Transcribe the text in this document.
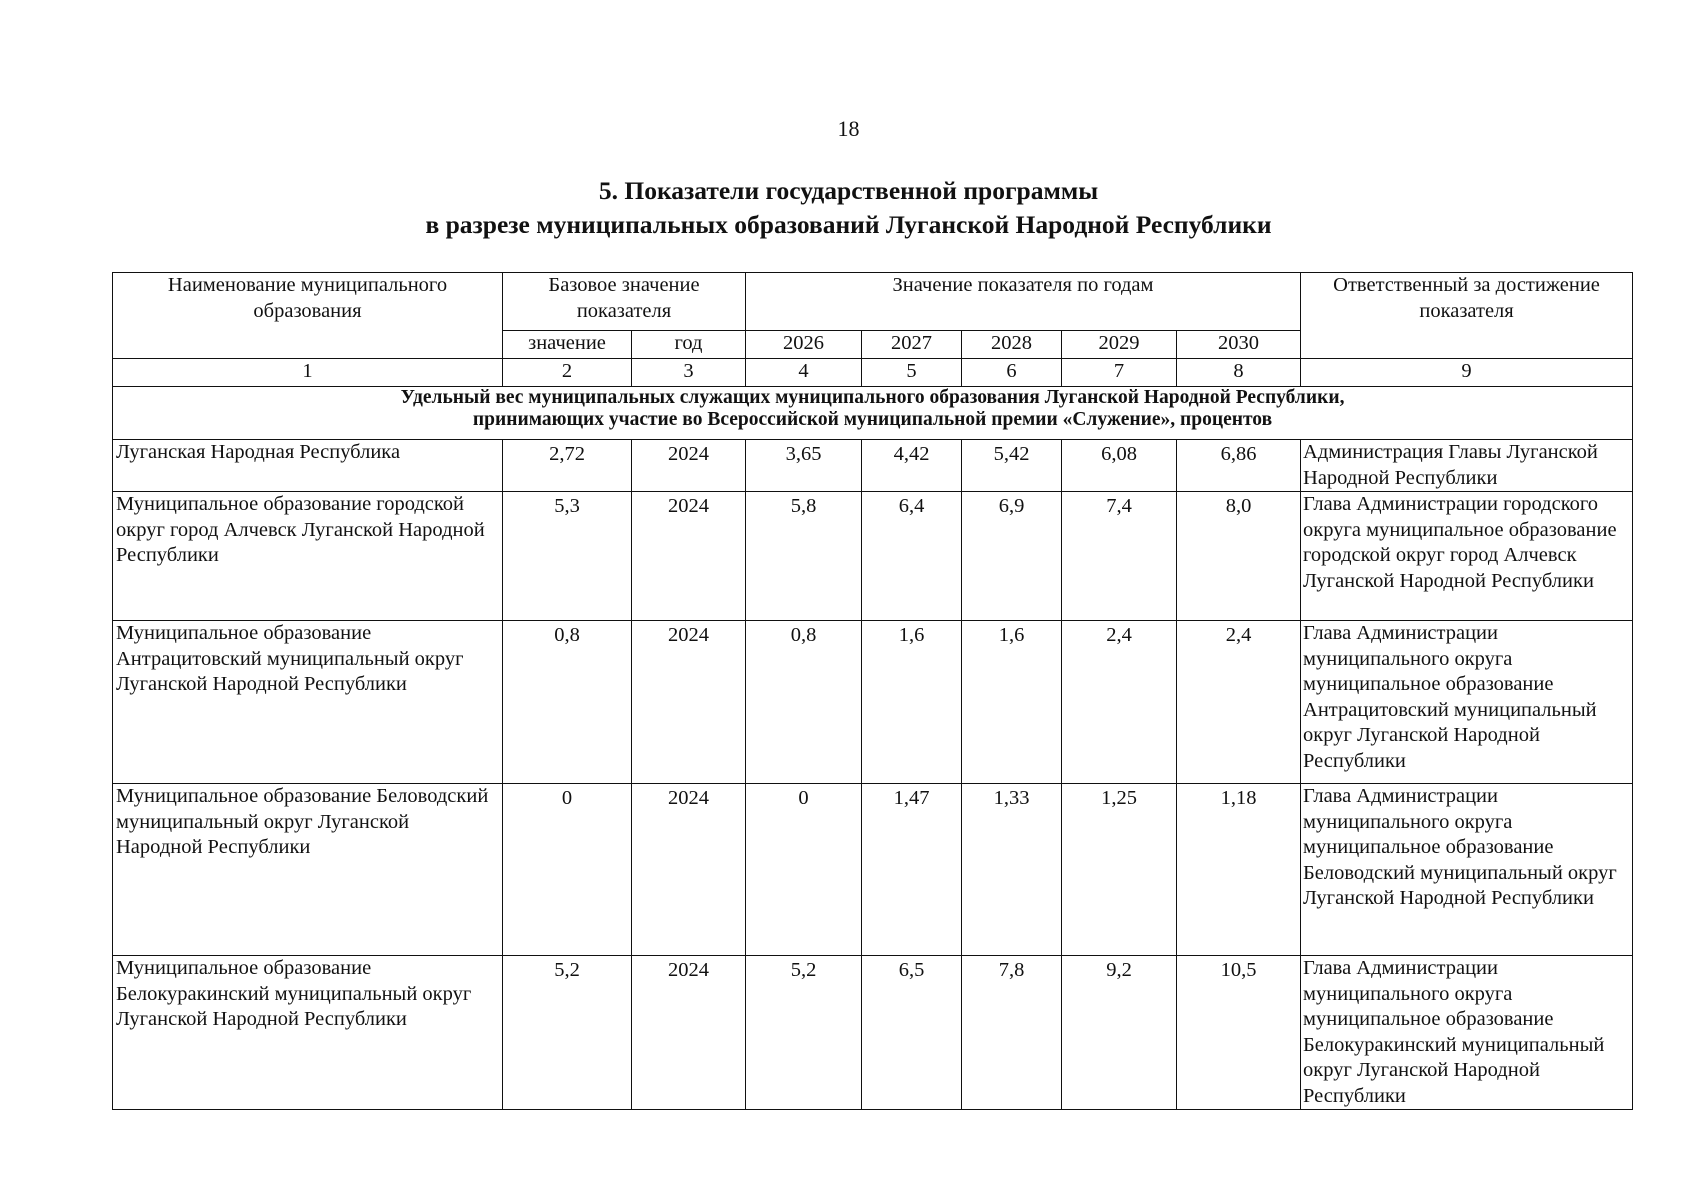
18
5. Показатели государственной программы
в разрезе муниципальных образований Луганской Народной Республики
Наименование муниципального образования	Базовое значение показателя		Значение показателя по годам					Ответственный за достижение показателя
	значение	год	2026	2027	2028	2029	2030	
1	2	3	4	5	6	7	8	9

Удельный вес муниципальных служащих муниципального образования Луганской Народной Республики,
принимающих участие во Всероссийской муниципальной премии «Служение», процентов								

Луганская Народная Республика	2,72	2024	3,65	4,42	5,42	6,08	6,86	Администрация Главы Луганской Народной Республики
Муниципальное образование городской округ город Алчевск Луганской Народной Республики	5,3	2024	5,8	6,4	6,9	7,4	8,0	Глава Администрации городского округа муниципальное образование городской округ город Алчевск Луганской Народной Республики
Муниципальное образование Антрацитовский муниципальный округ Луганской Народной Республики	0,8	2024	0,8	1,6	1,6	2,4	2,4	Глава Администрации муниципального округа муниципальное образование Антрацитовский муниципальный округ Луганской Народной Республики
Муниципальное образование Беловодский муниципальный округ Луганской Народной Республики	0	2024	0	1,47	1,33	1,25	1,18	Глава Администрации муниципального округа муниципальное образование Беловодский муниципальный округ Луганской Народной Республики
Муниципальное образование Белокуракинский муниципальный округ Луганской Народной Республики	5,2	2024	5,2	6,5	7,8	9,2	10,5	Глава Администрации муниципального округа муниципальное образование Белокуракинский муниципальный округ Луганской Народной Республики
